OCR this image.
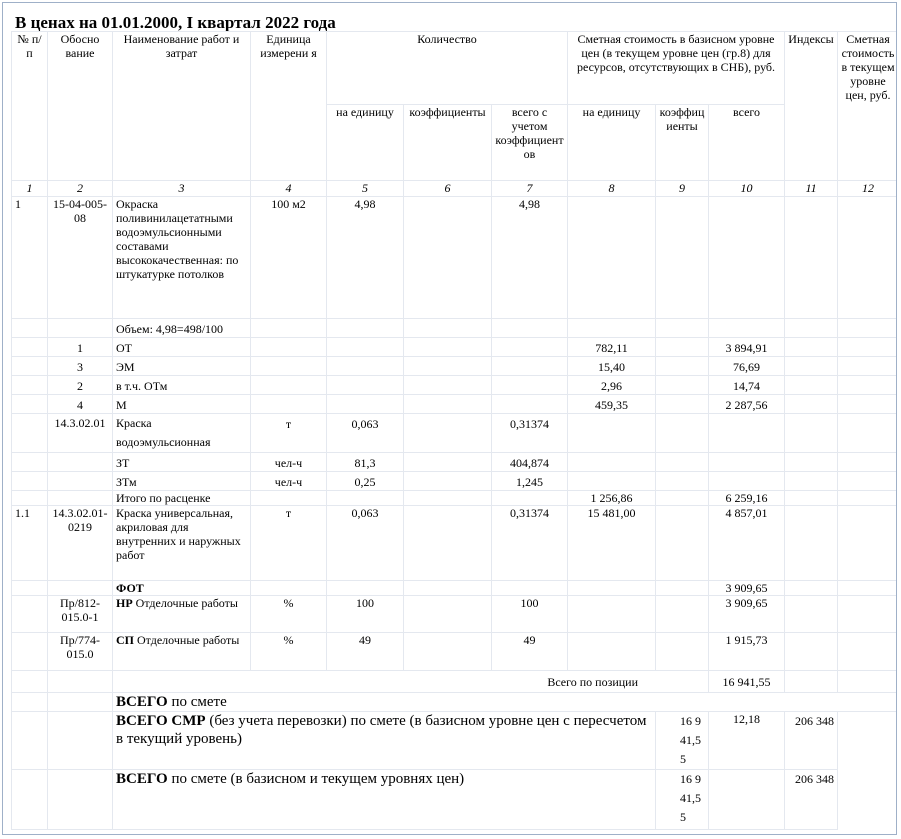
В ценах на 01.01.2000, I квартал 2022 года
№ п/п	Обосно вание	Наименование работ и затрат	Единица измерени я	Количество			Сметная стоимость в базисном уровне цен (в текущем уровне цен (гр.8) для ресурсов, отсутствующих в СНБ), руб.			Индексы	Сметная стоимость в текущем уровне цен, руб.
				на единицу	коэффициенты	всего с учетом коэффициентов	на единицу	коэффициенты	всего		
1	2	3	4	5	6	7	8	9	10	11	12
1	15-04-005-08	Окраска поливинилацетатными водоэмульсионными составами высококачественная: по штукатурке потолков	100 м2	4,98		4,98					
		Объем: 4,98=498/100									
	1	ОТ					782,11		3 894,91		
	3	ЭМ					15,40		76,69		
	2	в т.ч. ОТм					2,96		14,74		
	4	М					459,35		2 287,56		
	14.3.02.01	Краска водоэмульсионная	т	0,063		0,31374					
		ЗТ	чел-ч	81,3		404,874					
		ЗТм	чел-ч	0,25		1,245					
		Итого по расценке					1 256,86		6 259,16		
1.1	14.3.02.01-0219	Краска универсальная, акриловая для внутренних и наружных работ	т	0,063		0,31374	15 481,00		4 857,01		
		ФОТ							3 909,65		
	Пр/812-015.0-1	НР Отделочные работы	%	100		100			3 909,65		
	Пр/774-015.0	СП Отделочные работы	%	49		49			1 915,73		
		Всего по позиции							16 941,55		
		ВСЕГО по смете									
		ВСЕГО СМР (без учета перевозки) по смете (в базисном уровне цен с пересчетом в текущий уровень)						16 941,55	12,18	206 348	
		ВСЕГО по смете (в базисном и текущем уровнях цен)						16 941,55		206 348	
